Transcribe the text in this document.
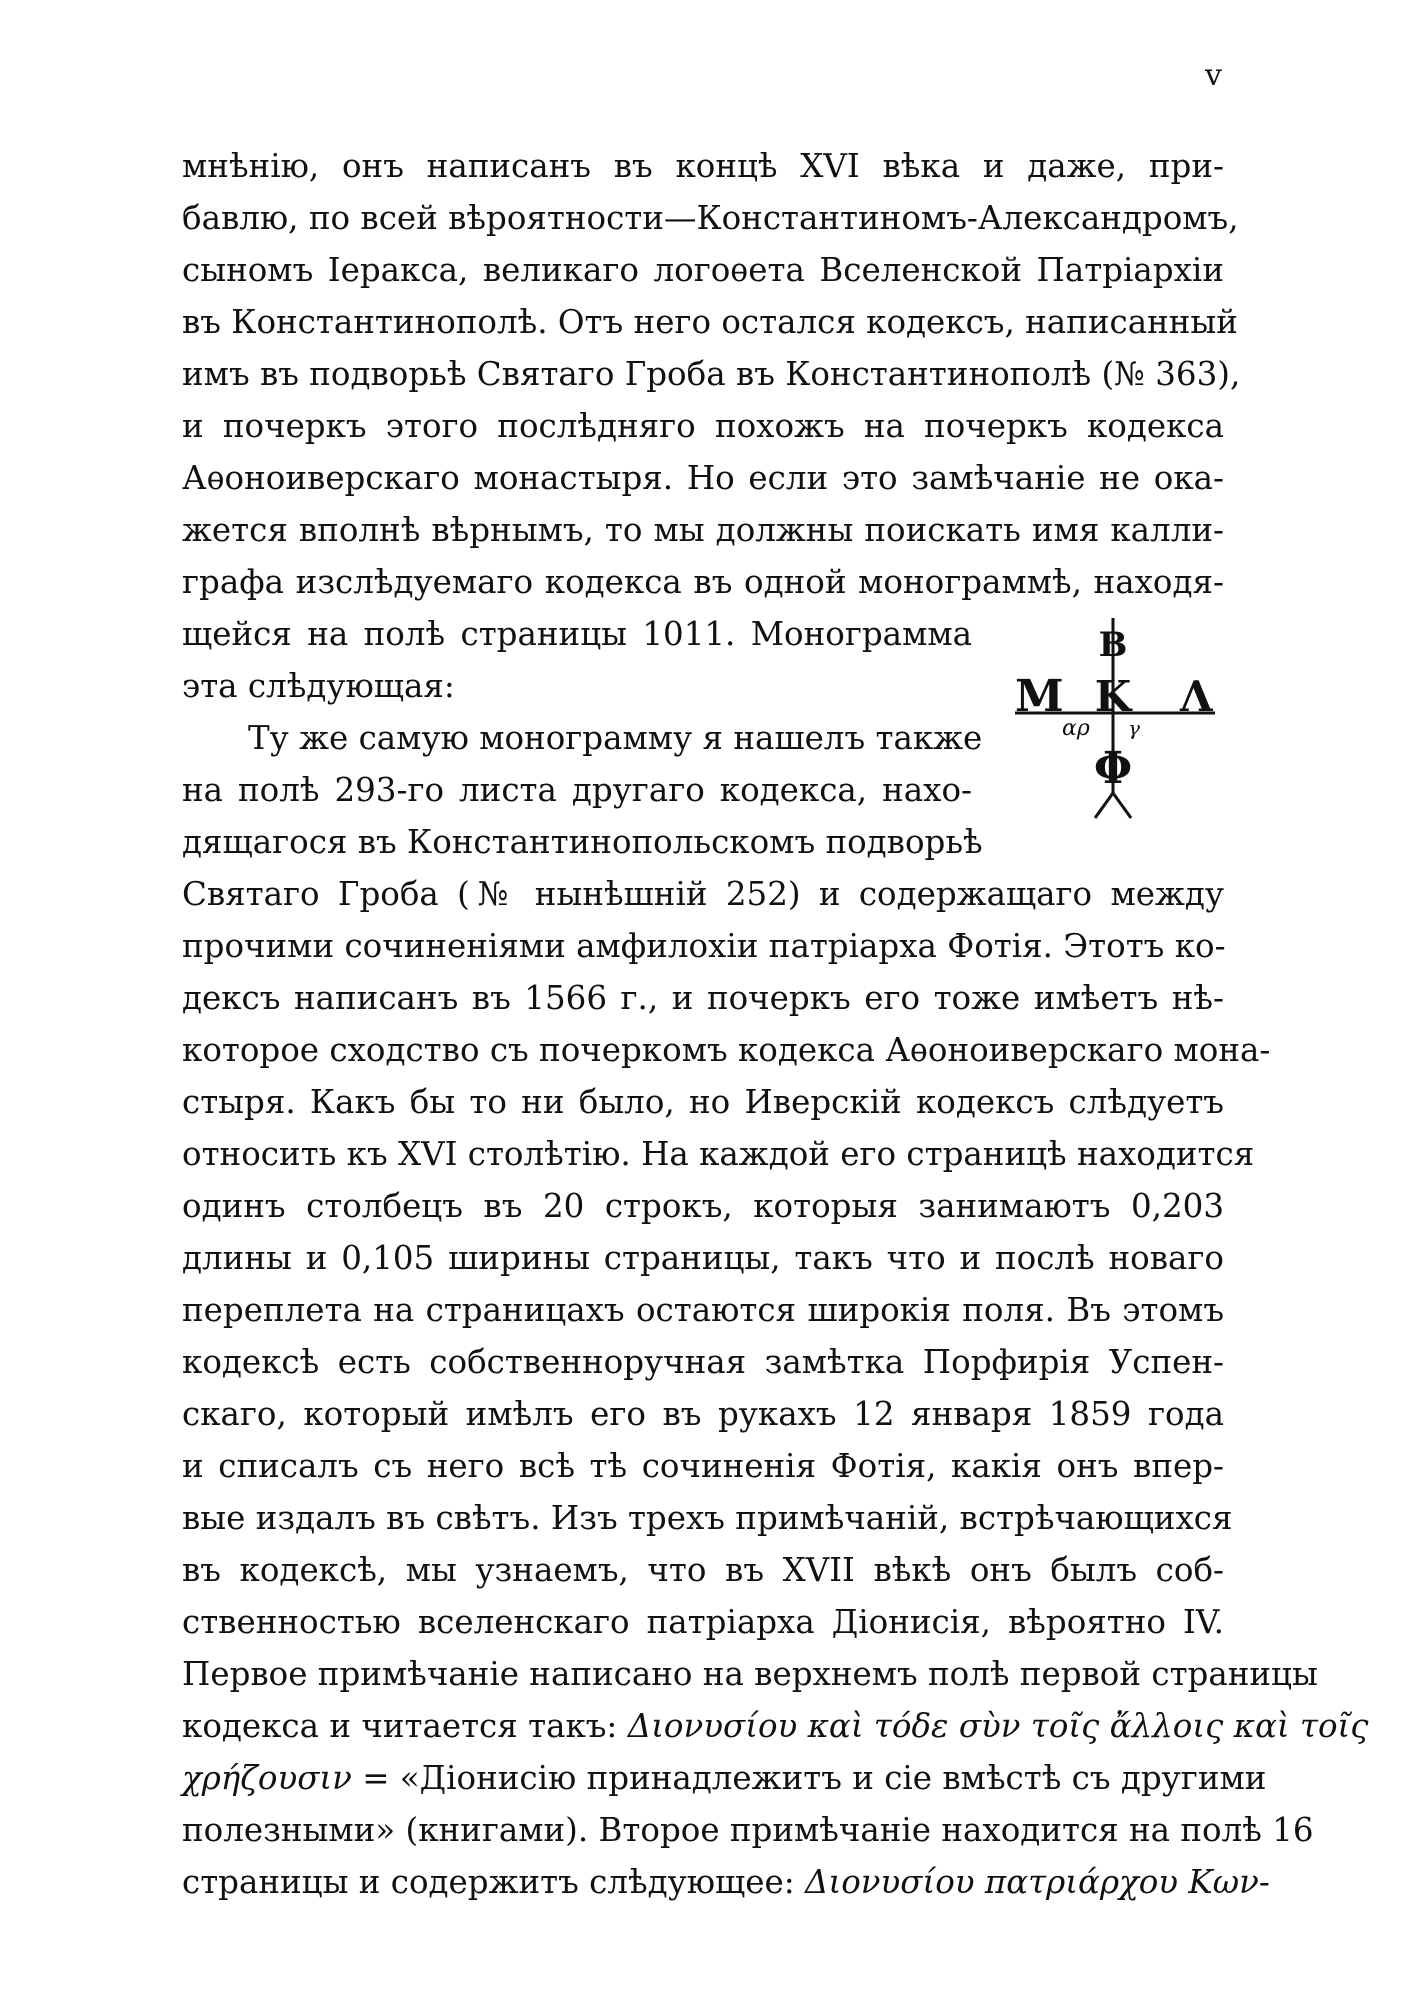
v
мнѣнію, онъ написанъ въ концѣ XVI вѣка и даже, при-
бавлю, по всей вѣроятности—Константиномъ-Александромъ,
сыномъ Іеракса, великаго логоѳета Вселенской Патріархіи
въ Константинополѣ. Отъ него остался кодексъ, написанный
имъ въ подворьѣ Святаго Гроба въ Константинополѣ (№ 363),
и почеркъ этого послѣдняго похожъ на почеркъ кодекса
Аѳоноиверскаго монастыря. Но если это замѣчаніе не ока-
жется вполнѣ вѣрнымъ, то мы должны поискать имя калли-
графа изслѣдуемаго кодекса въ одной монограммѣ, находя-
щейся на полѣ страницы 1011. Монограмма
эта слѣдующая:
Ту же самую монограмму я нашелъ также
на полѣ 293-го листа другаго кодекса, нахо-
дящагося въ Константинопольскомъ подворьѣ
Святаго Гроба (№ нынѣшній 252) и содержащаго между
прочими сочиненіями амфилохіи патріарха Фотія. Этотъ ко-
дексъ написанъ въ 1566 г., и почеркъ его тоже имѣетъ нѣ-
которое сходство съ почеркомъ кодекса Аѳоноиверскаго мона-
стыря. Какъ бы то ни было, но Иверскій кодексъ слѣдуетъ
относить къ XVI столѣтію. На каждой его страницѣ находится
одинъ столбецъ въ 20 строкъ, которыя занимаютъ 0,203
длины и 0,105 ширины страницы, такъ что и послѣ новаго
переплета на страницахъ остаются широкія поля. Въ этомъ
кодексѣ есть собственноручная замѣтка Порфирія Успен-
скаго, который имѣлъ его въ рукахъ 12 января 1859 года
и списалъ съ него всѣ тѣ сочиненія Фотія, какія онъ впер-
вые издалъ въ свѣтъ. Изъ трехъ примѣчаній, встрѣчающихся
въ кодексѣ, мы узнаемъ, что въ XVII вѣкѣ онъ былъ соб-
ственностью вселенскаго патріарха Діонисія, вѣроятно IV.
Первое примѣчаніе написано на верхнемъ полѣ первой страницы
кодекса и читается такъ: Διονυσίου καὶ τόδε σὺν τοῖς ἄλλοις καὶ τοῖς
χρήζουσιν = «Діонисію принадлежитъ и сіе вмѣстѣ съ другими
полезными» (книгами). Второе примѣчаніе находится на полѣ 16
страницы и содержитъ слѣдующее: Διονυσίου πατριάρχου Κων-
В
М Κ Λ
αρ γ
Φ
